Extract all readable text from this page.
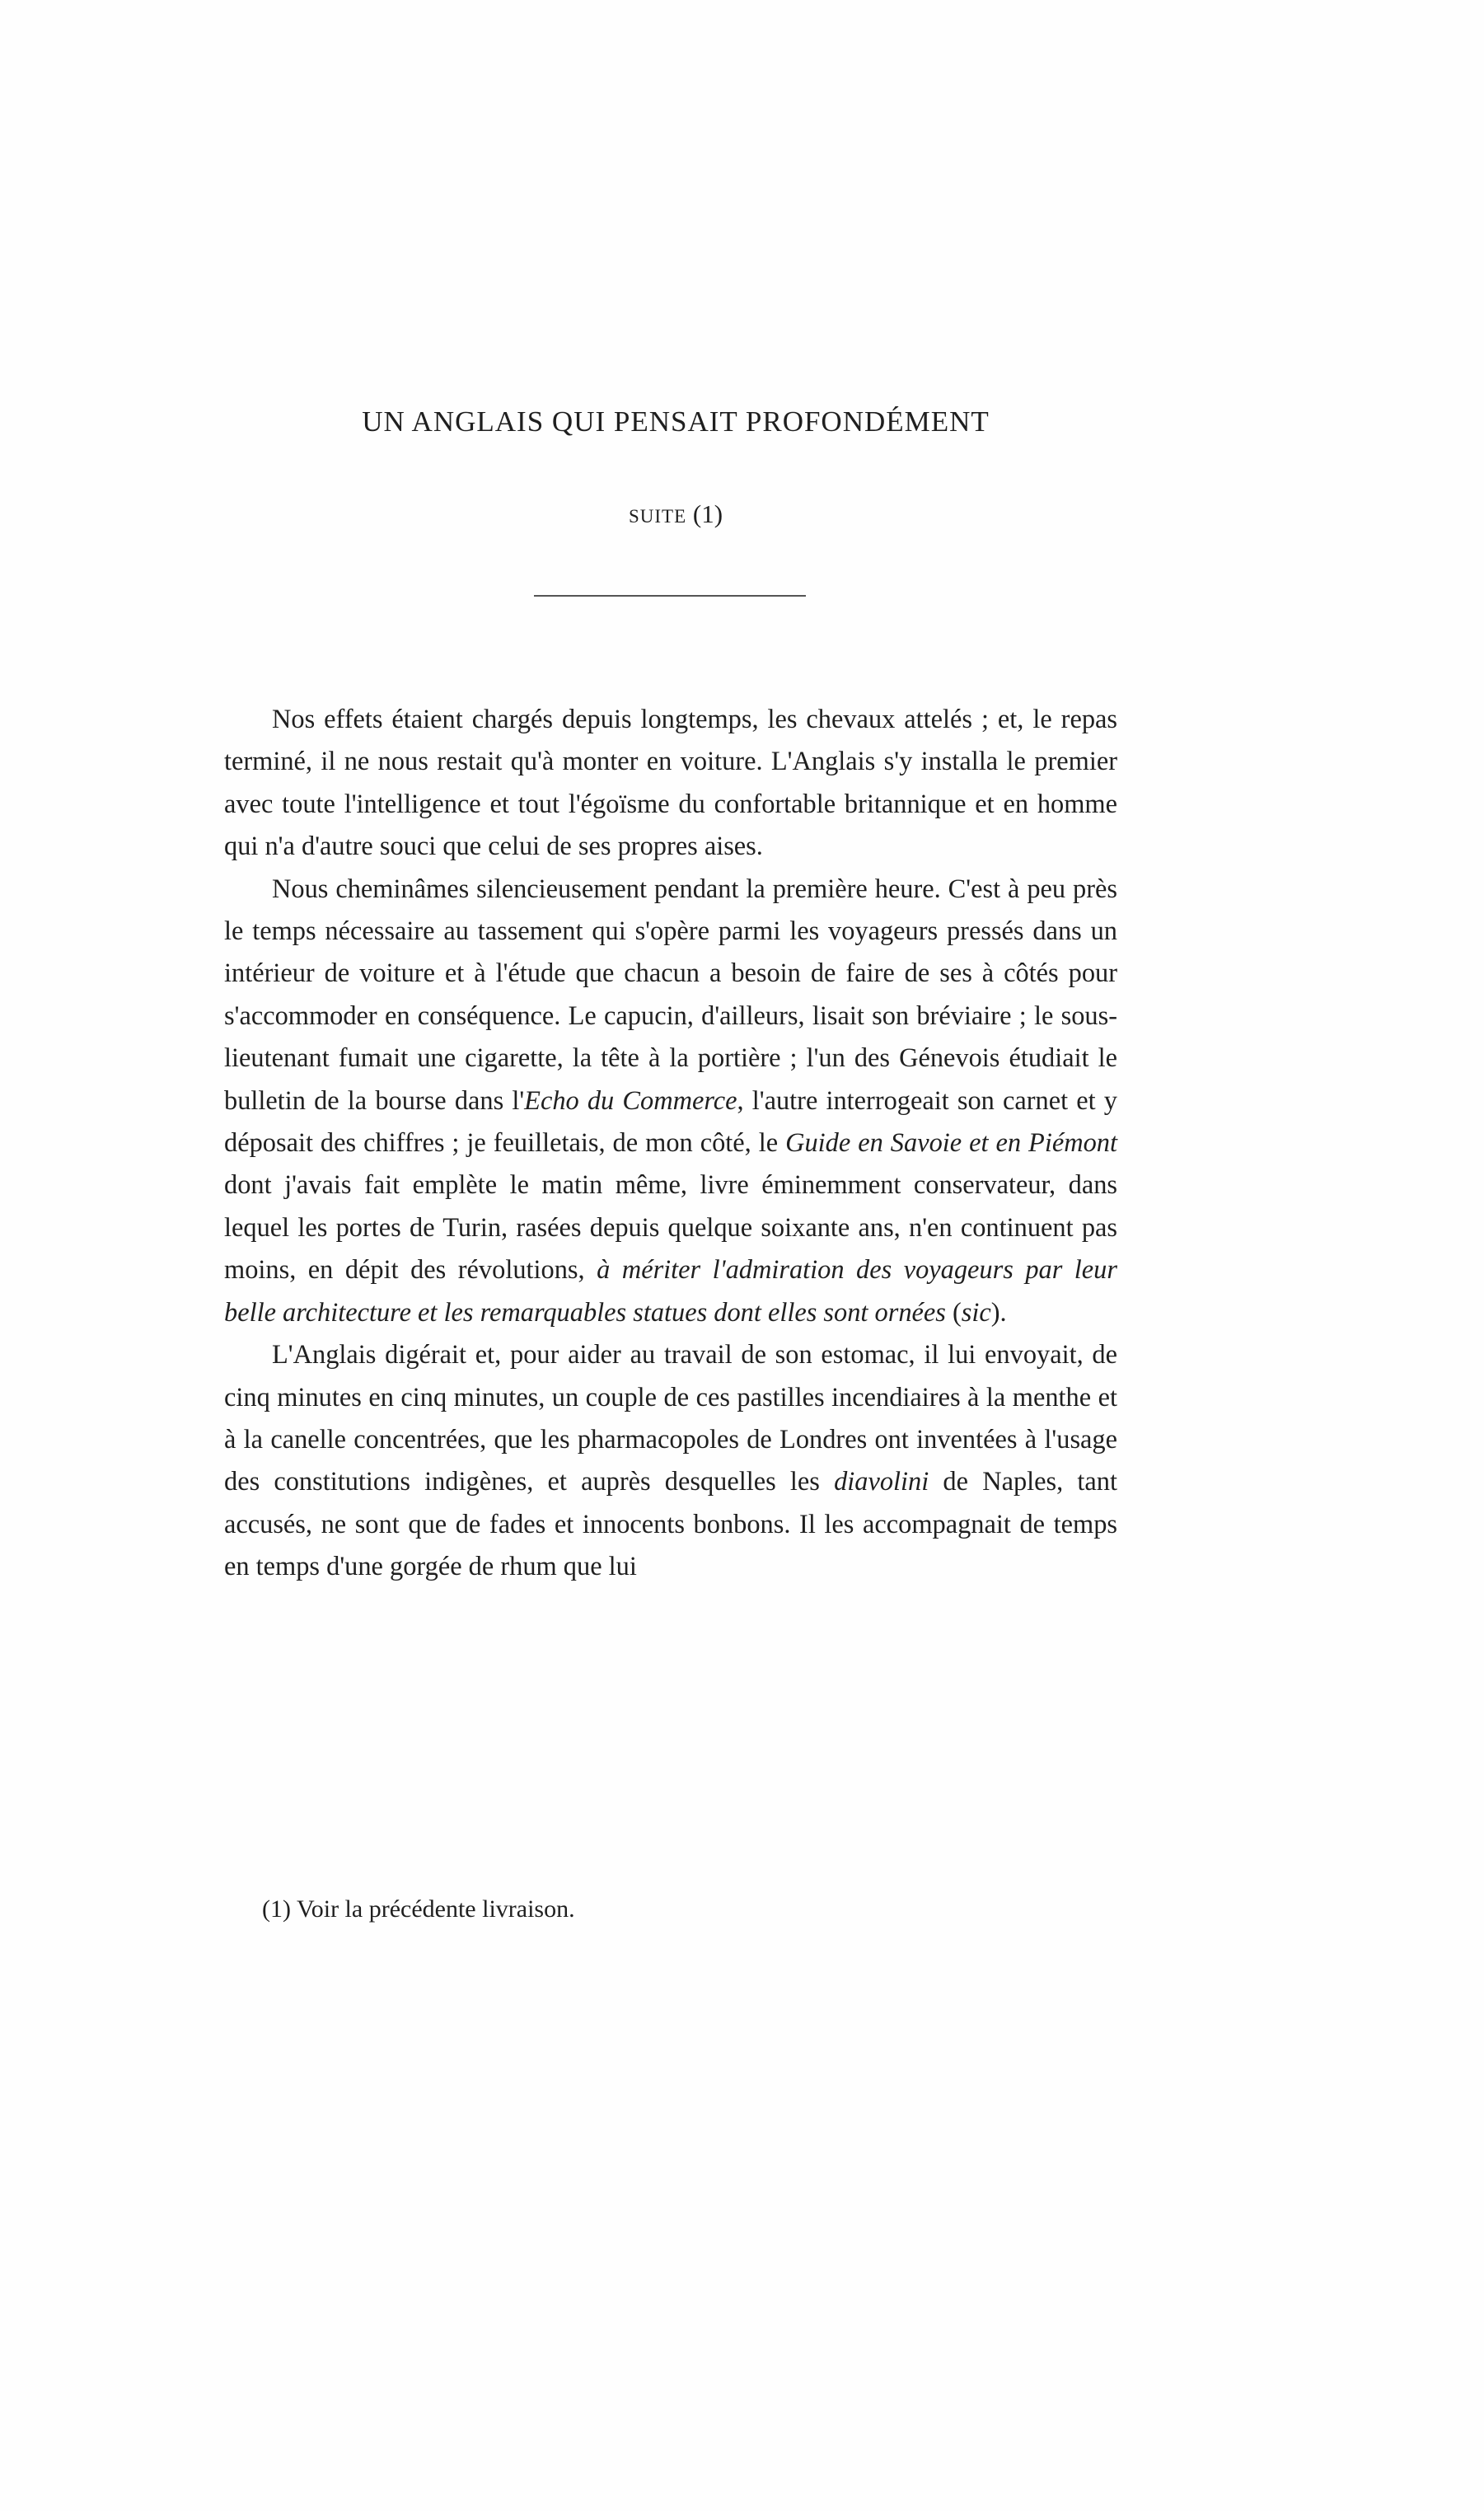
UN ANGLAIS QUI PENSAIT PROFONDÉMENT
SUITE (1)

Nos effets étaient chargés depuis longtemps, les chevaux attelés ; et, le repas terminé, il ne nous restait qu'à monter en voiture. L'Anglais s'y installa le premier avec toute l'intelligence et tout l'égoïsme du confortable britannique et en homme qui n'a d'autre souci que celui de ses propres aises.

Nous cheminâmes silencieusement pendant la première heure. C'est à peu près le temps nécessaire au tassement qui s'opère parmi les voyageurs pressés dans un intérieur de voiture et à l'étude que chacun a besoin de faire de ses à côtés pour s'accommoder en conséquence. Le capucin, d'ailleurs, lisait son bréviaire ; le sous-lieutenant fumait une cigarette, la tête à la portière ; l'un des Génevois étudiait le bulletin de la bourse dans l'Echo du Commerce, l'autre interrogeait son carnet et y déposait des chiffres ; je feuilletais, de mon côté, le Guide en Savoie et en Piémont dont j'avais fait emplète le matin même, livre éminemment conservateur, dans lequel les portes de Turin, rasées depuis quelque soixante ans, n'en continuent pas moins, en dépit des révolutions, à mériter l'admiration des voyageurs par leur belle architecture et les remarquables statues dont elles sont ornées (sic).

L'Anglais digérait et, pour aider au travail de son estomac, il lui envoyait, de cinq minutes en cinq minutes, un couple de ces pastilles incendiaires à la menthe et à la canelle concentrées, que les pharmacopoles de Londres ont inventées à l'usage des constitutions indigènes, et auprès desquelles les diavolini de Naples, tant accusés, ne sont que de fades et innocents bonbons. Il les accompagnait de temps en temps d'une gorgée de rhum que lui

(1) Voir la précédente livraison.
